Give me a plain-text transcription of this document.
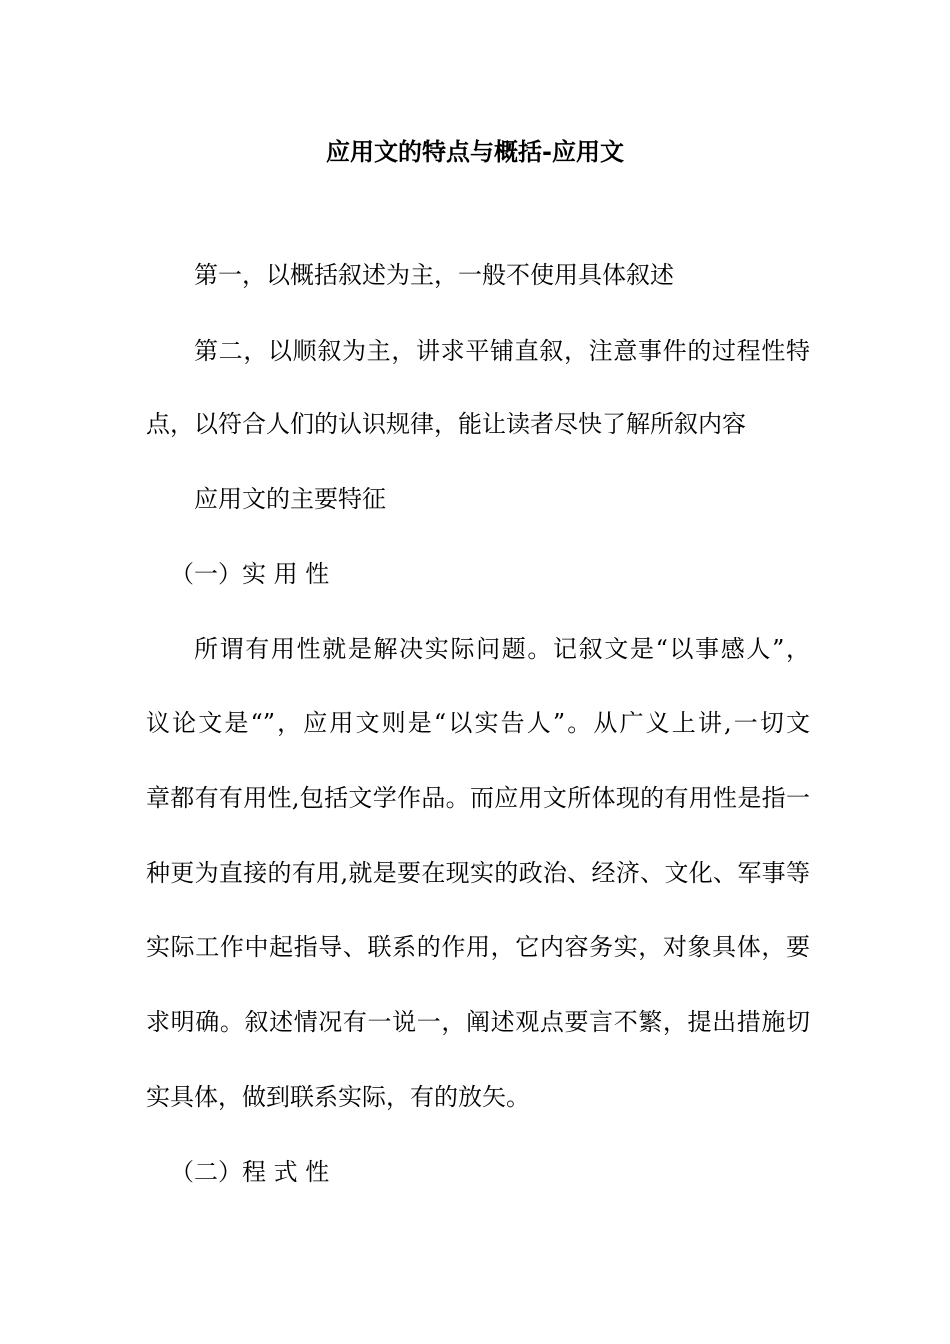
应用文的特点与概括-应用文
第一，以概括叙述为主，一般不使用具体叙述
第二，以顺叙为主，讲求平铺直叙，注意事件的过程性特
点，以符合人们的认识规律，能让读者尽快了解所叙内容
应用文的主要特征
（一）实 用 性
所谓有用性就是解决实际问题。记叙文是“以事感人”，
议论文是“”，应用文则是“以实告人”。从广义上讲,一切文
章都有有用性,包括文学作品。而应用文所体现的有用性是指一
种更为直接的有用,就是要在现实的政治、经济、文化、军事等
实际工作中起指导、联系的作用，它内容务实，对象具体，要
求明确。叙述情况有一说一，阐述观点要言不繁，提出措施切
实具体，做到联系实际，有的放矢。
（二）程 式 性
